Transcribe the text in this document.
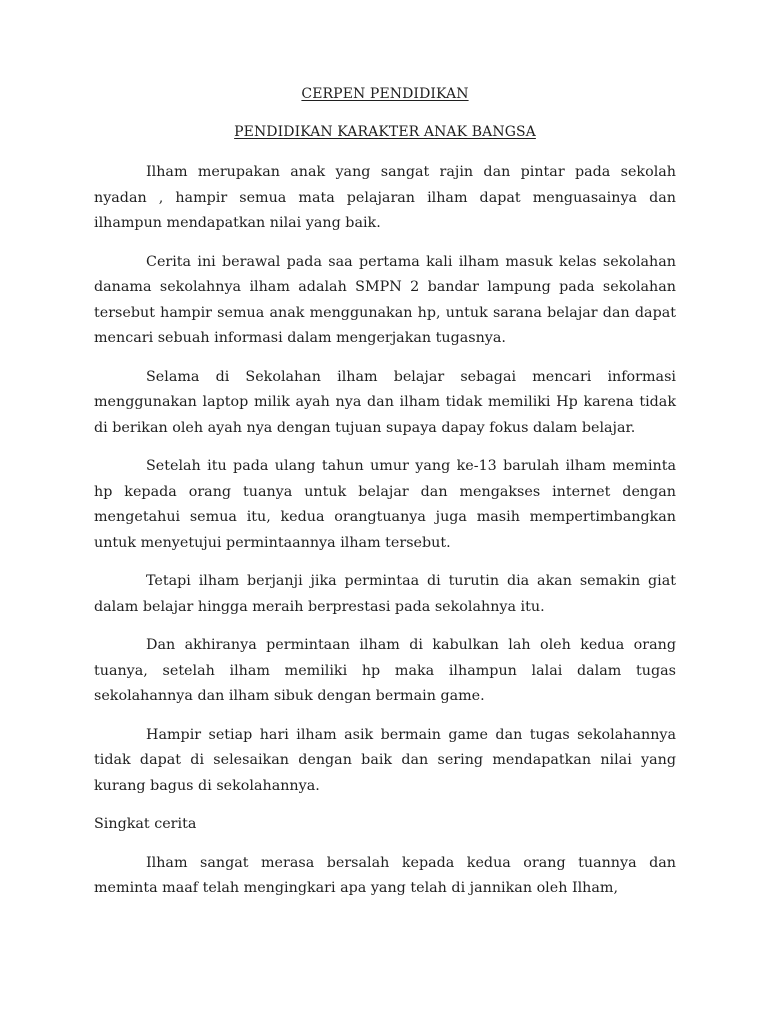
CERPEN PENDIDIKAN
PENDIDIKAN KARAKTER ANAK BANGSA

Ilham merupakan anak yang sangat rajin dan pintar pada sekolah nyadan , hampir semua mata pelajaran ilham dapat menguasainya dan ilhampun mendapatkan nilai yang baik.

Cerita ini berawal pada saa pertama kali ilham masuk kelas sekolahan danama sekolahnya ilham adalah SMPN 2 bandar lampung pada sekolahan tersebut hampir semua anak menggunakan hp, untuk sarana belajar dan dapat mencari sebuah informasi dalam mengerjakan tugasnya.

Selama di Sekolahan ilham belajar sebagai mencari informasi menggunakan laptop milik ayah nya dan ilham tidak memiliki Hp karena tidak di berikan oleh ayah nya dengan tujuan supaya dapay fokus dalam belajar.

Setelah itu pada ulang tahun umur yang ke-13 barulah ilham meminta hp kepada orang tuanya untuk belajar dan mengakses internet dengan mengetahui semua itu, kedua orangtuanya juga masih mempertimbangkan untuk menyetujui permintaannya ilham tersebut.

Tetapi ilham berjanji jika permintaa di turutin dia akan semakin giat dalam belajar hingga meraih berprestasi pada sekolahnya itu.

Dan akhiranya permintaan ilham di kabulkan lah oleh kedua orang tuanya, setelah ilham memiliki hp maka ilhampun lalai dalam tugas sekolahannya dan ilham sibuk dengan bermain game.

Hampir setiap hari ilham asik bermain game dan tugas sekolahannya tidak dapat di selesaikan dengan baik dan sering mendapatkan nilai yang kurang bagus di sekolahannya.

Singkat cerita

Ilham sangat merasa bersalah kepada kedua orang tuannya dan meminta maaf telah mengingkari apa yang telah di jannikan oleh Ilham,
